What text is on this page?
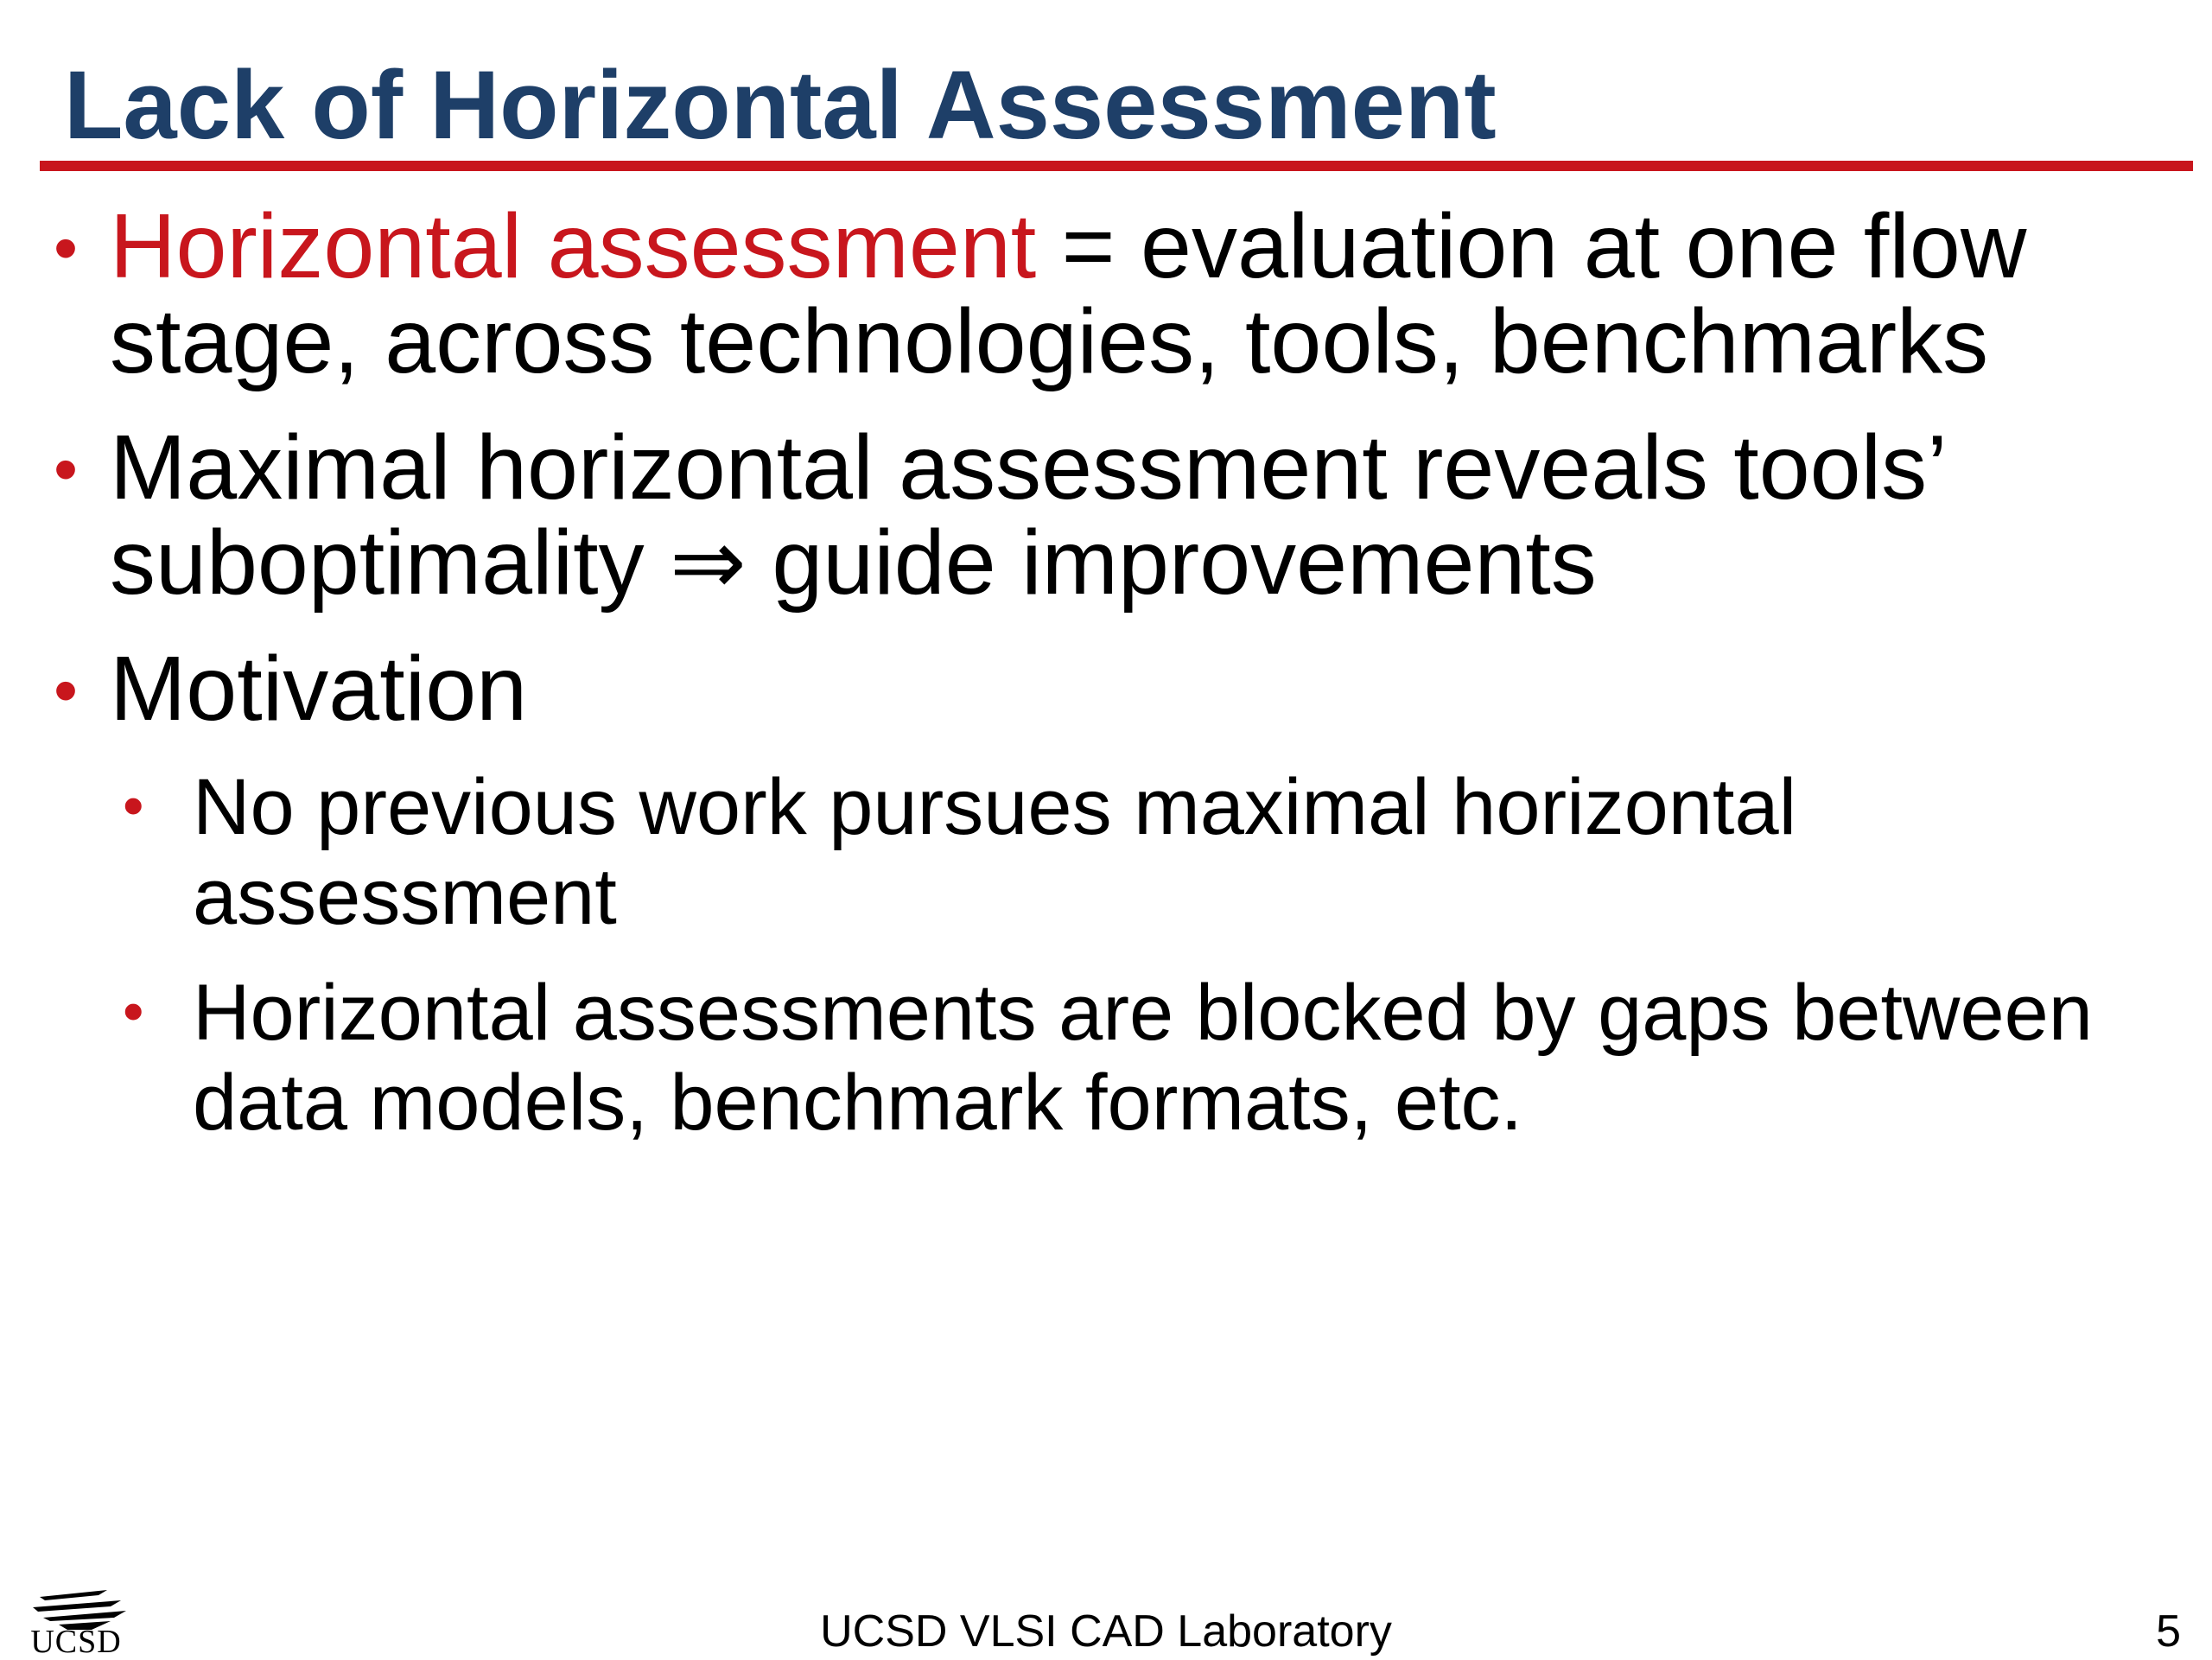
Lack of Horizontal Assessment
• Horizontal assessment = evaluation at one flow stage, across technologies, tools, benchmarks
• Maximal horizontal assessment reveals tools’ suboptimality ⇒ guide improvements
• Motivation
• No previous work pursues maximal horizontal assessment
• Horizontal assessments are blocked by gaps between data models, benchmark formats, etc.
UCSD	UCSD VLSI CAD Laboratory	5
